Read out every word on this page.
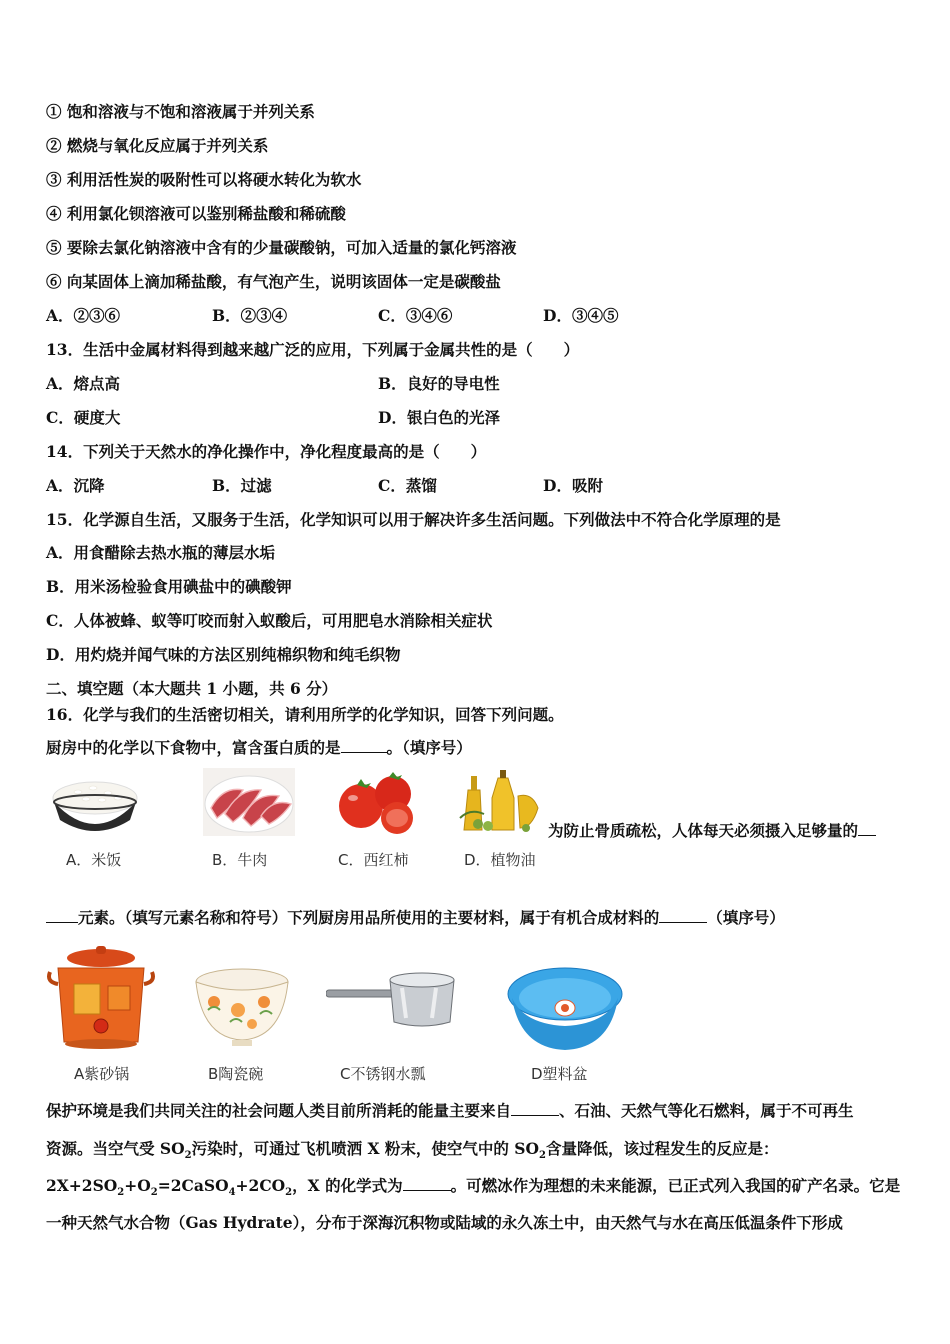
① 饱和溶液与不饱和溶液属于并列关系
② 燃烧与氧化反应属于并列关系
③ 利用活性炭的吸附性可以将硬水转化为软水
④ 利用氯化钡溶液可以鉴别稀盐酸和稀硫酸
⑤ 要除去氯化钠溶液中含有的少量碳酸钠，可加入适量的氯化钙溶液
⑥ 向某固体上滴加稀盐酸，有气泡产生，说明该固体一定是碳酸盐
A．②③⑥	B．②③④	C．③④⑥	D．③④⑤
13．生活中金属材料得到越来越广泛的应用，下列属于金属共性的是（　　）
A．熔点高	B．良好的导电性
C．硬度大	D．银白色的光泽
14．下列关于天然水的净化操作中，净化程度最高的是（　　）
A．沉降	B．过滤	C．蒸馏	D．吸附
15．化学源自生活，又服务于生活，化学知识可以用于解决许多生活问题。下列做法中不符合化学原理的是
A．用食醋除去热水瓶的薄层水垢
B．用米汤检验食用碘盐中的碘酸钾
C．人体被蜂、蚁等叮咬而射入蚁酸后，可用肥皂水消除相关症状
D．用灼烧并闻气味的方法区别纯棉织物和纯毛织物
二、填空题（本大题共 1 小题，共 6 分）
16．化学与我们的生活密切相关，请利用所学的化学知识，回答下列问题。
厨房中的化学以下食物中，富含蛋白质的是	。（填序号）
为防止骨质疏松，人体每天必须摄入足够量的
A．米饭	B．牛肉	C．西红柿	D．植物油
元素。（填写元素名称和符号）下列厨房用品所使用的主要材料，属于有机合成材料的	（填序号）
A紫砂锅	B陶瓷碗	C不锈钢水瓢	D塑料盆
保护环境是我们共同关注的社会问题人类目前所消耗的能量主要来自	、石油、天然气等化石燃料，属于不可再生
资源。当空气受 $SO_2$污染时，可通过飞机喷洒 X 粉末，使空气中的 $SO_2$含量降低，该过程发生的反应是：
$2X+2SO_2+O_2=2CaSO_4+2CO_2$，X 的化学式为	。可燃冰作为理想的未来能源，已正式列入我国的矿产名录。它是
一种天然气水合物（Gas Hydrate），分布于深海沉积物或陆域的永久冻土中，由天然气与水在高压低温条件下形成
